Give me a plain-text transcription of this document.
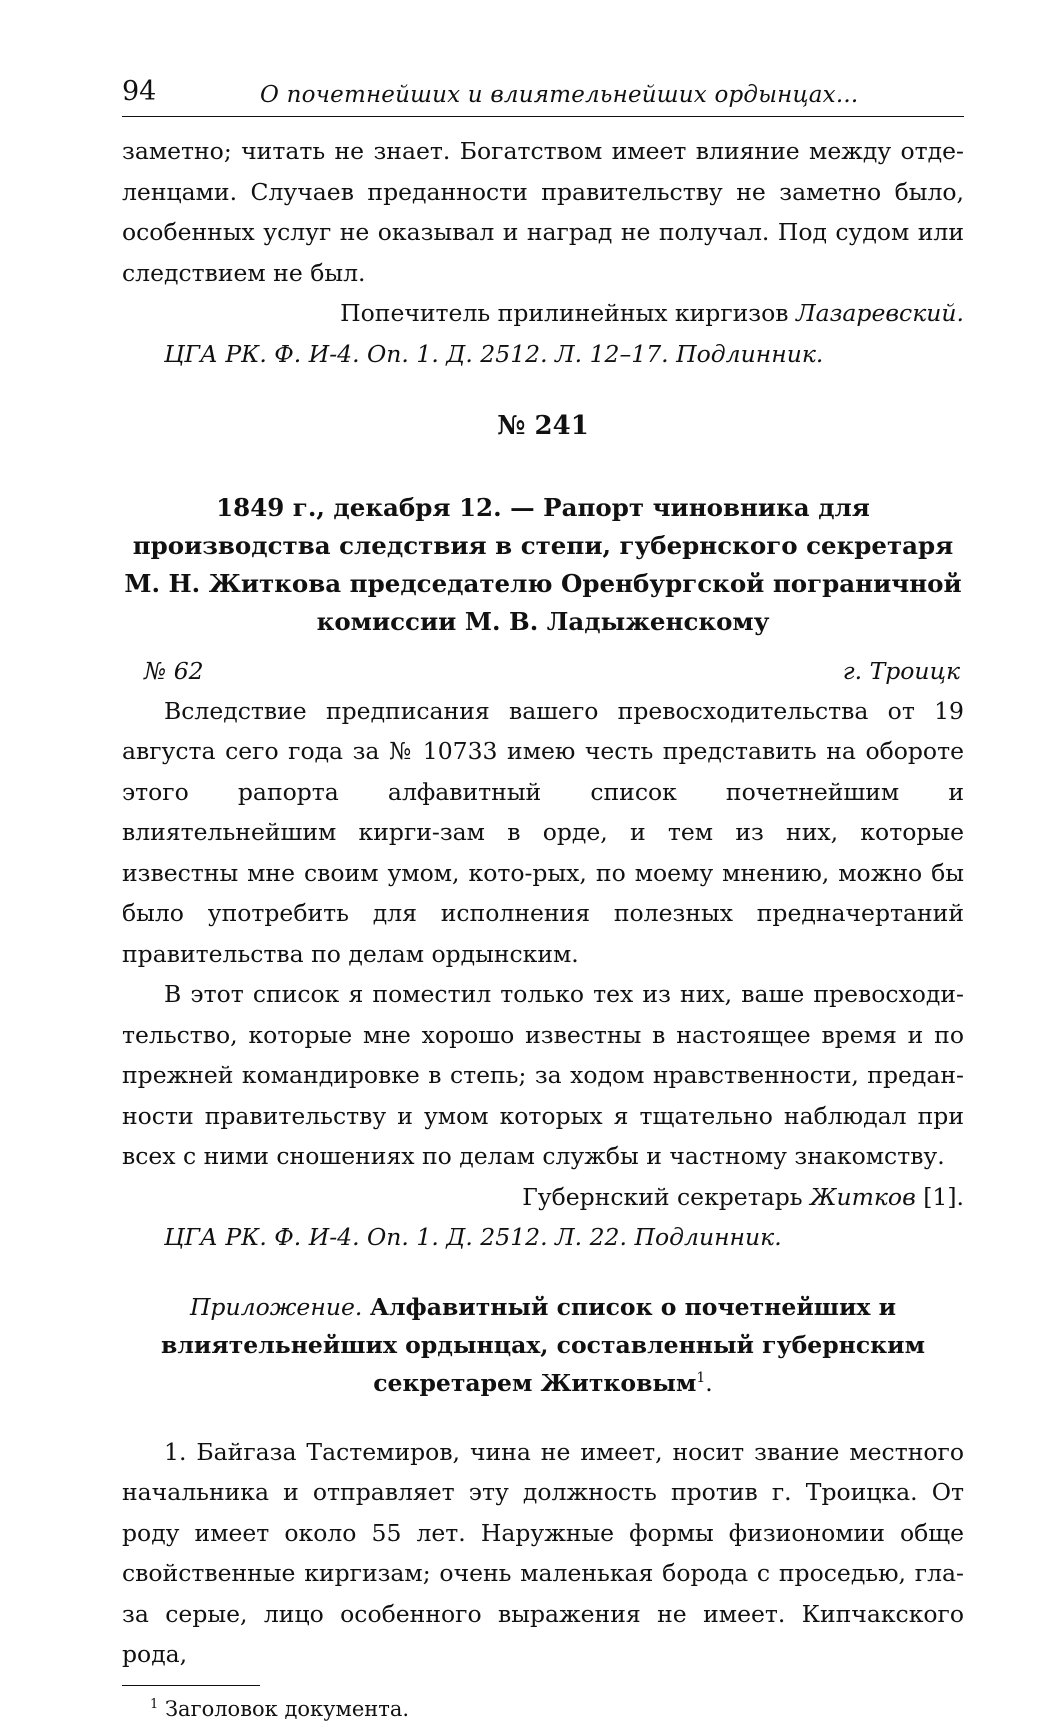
94	О почетнейших и влиятельнейших ордынцах...

заметно; читать не знает. Богатством имеет влияние между отде-ленцами. Случаев преданности правительству не заметно было, особенных услуг не оказывал и наград не получал. Под судом или следствием не был.

Попечитель прилинейных киргизов Лазаревский.

ЦГА РК. Ф. И-4. Оп. 1. Д. 2512. Л. 12–17. Подлинник.

№ 241
1849 г., декабря 12. — Рапорт чиновника для производства следствия в степи, губернского секретаря М. Н. Житкова председателю Оренбургской пограничной комиссии М. В. Ладыженскому
№ 62	г. Троицк

Вследствие предписания вашего превосходительства от 19 августа сего года за № 10733 имею честь представить на обороте этого рапорта алфавитный список почетнейшим и влиятельнейшим кирги-зам в орде, и тем из них, которые известны мне своим умом, кото-рых, по моему мнению, можно бы было употребить для исполнения полезных предначертаний правительства по делам ордынским.

В этот список я поместил только тех из них, ваше превосходи-тельство, которые мне хорошо известны в настоящее время и по прежней командировке в степь; за ходом нравственности, предан-ности правительству и умом которых я тщательно наблюдал при всех с ними сношениях по делам службы и частному знакомству.

Губернский секретарь Житков [1].

ЦГА РК. Ф. И-4. Оп. 1. Д. 2512. Л. 22. Подлинник.

Приложение. Алфавитный список о почетнейших и влиятельнейших ордынцах, составленный губернским секретарем Житковым$^1$.

1. Байгаза Тастемиров, чина не имеет, носит звание местного начальника и отправляет эту должность против г. Троицка. От роду имеет около 55 лет. Наружные формы физиономии обще свойственные киргизам; очень маленькая борода с проседью, гла-за серые, лицо особенного выражения не имеет. Кипчакского рода,

$^1$ Заголовок документа.
